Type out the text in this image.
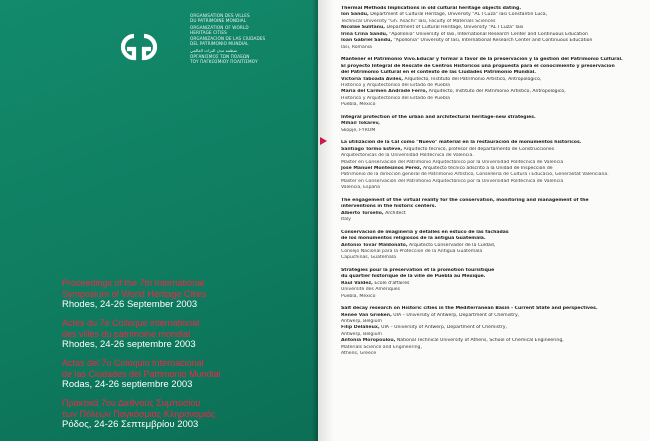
ORGANISATION DES VILLES
DU PATRIMOINE MONDIAL
ORGANIZATION OF WORLD
HERITAGE CITIES
ORGANIZACIÓN DE LAS CIUDADES
DEL PATRIMONIO MUNDIAL
منظمة مدن التراث العالمي
ΟΡΓΑΝΙΣΜΟΣ ΤΩΝ ΠΟΛΕΩΝ
ΤΟΥ ΠΑΓΚΟΣΜΙΟΥ ΠΟΛΙΤΙΣΜΟΥ
Proceedings of the 7th International
Symposium of World Heritage Cities
Rhodes, 24-26 September 2003
Actes du 7e Colloque international
des villes du patrimoine mondial
Rhodes, 24-26 septembre 2003
Actas del 7o Coloquio Internacional
de las Ciudades del Patrimonio Mundial
Rodas, 24-26 septiembre 2003
Πρακτικά 7ου Διεθνούς Συμποσίου
των Πόλεων Παγκόσμιας Κληρονομιάς
Ρόδος, 24-26 Σεπτεμβρίου 2003
Thermal Methods Implications in old cultural heritage objects dating.
Ion Sandu, Department of Cultural Heritage, University "AL I Cuza" Iasi Constantin Luca,
Technical University "Gh. Asachi" Iasi, Faculty of Materials Sciences
Nicolae Sulitanu, Department of Cultural Heritage, University "AL I Cuza" Iasi
Irina Crina Sandu, "Apollonia" University of Iasi, International Research Center and Continuous Education
Ioan Gabriel Sandu, "Apollonia" University of Iasi, International Research Center and Continuous Education
Iasi, Romania
Mantener el Patrimonio Vivo.Educar y formar a favor de la preservación y la gestión del Patrimonio Cultural.
El proyecto Integral de Rescate de Centros Historicos una propuesta para el conocimiento y preservacion
del Patrimonio Cultural en el contexto de las Ciudades Patrimonio Mundial.
Victoria Taboada Avilés, Arquitecto, Instituto del Patrimonio Artístico, Antropológico,
Histórico y Arquitectónico del Estado de Puebla
María del Carmen Andrade Ferro, Arquitecto, Instituto del Patrimonio Artístico, Antropológico,
Histórico y Arquitectónico del Estado de Puebla
Puebla, México
Integral protection of the urban and architectural heritage-new strategies.
Mihail Tokarev,
Skopje, FYROM
La utilización de la Cal como "Nuevo" material en la restauración de monumentos históricos.
Santiago Tormo Esteve, Arquitecto técnico, profesor del departamento de Construcciones
Arquitectónicas de la Universidad Politécnica de Valencia.
Master en Conservación del Patrimonio Arquitectónico por la Universidad Politécnica de Valencia
José Manuel Montesinos Perez, Arquitecto técnico adscrito a la Unidad de Inspección de
Patrimonio de la dirección general de Patrimonio Artístico, Consellería de Cultura i Educació, Generalitat Valenciana.
Master en Conservación del Patrimonio Arquitectónico por la Universidad Politécnica de Valencia
Valencia, España
The engagement of the virtual reality for the conservation, monitoring and management of the
interventions in the historic centers.
Alberto Torsello, Architect
Italy
Conservacion de imagineria y detalles en estuco de las fachadas
de los monumentos religiosos de la antigua Guatemala.
Antonio Tovar Maldonato, Arquitecto Conservador de la Culdad,
Consejo Nacional para la Proteccion de la Antigua Guatemala
Capuchinas, Guatemala
Stratégies pour la préservation et la promotion touristique
du quartier historique de la ville de Puebla au Mexique.
Raul Valdez, École d'affaires
Université des Amériques
Puebla, México
Salt decay research on Historic cities in the Mediterranean Basin - Current State and perspectives.
Renee Van Grieken, UIA – University of Antwerp, Department of Chemistry,
Antwerp, Belgium
Filip Delalieux, UIA – University of Antwerp, Department of Chemistry,
Antwerp, Belgium
Antonia Moropoulou, National Technical University of Athens, School of Chemical Engineering,
Materials Science and Engineering,
Athens, Greece
